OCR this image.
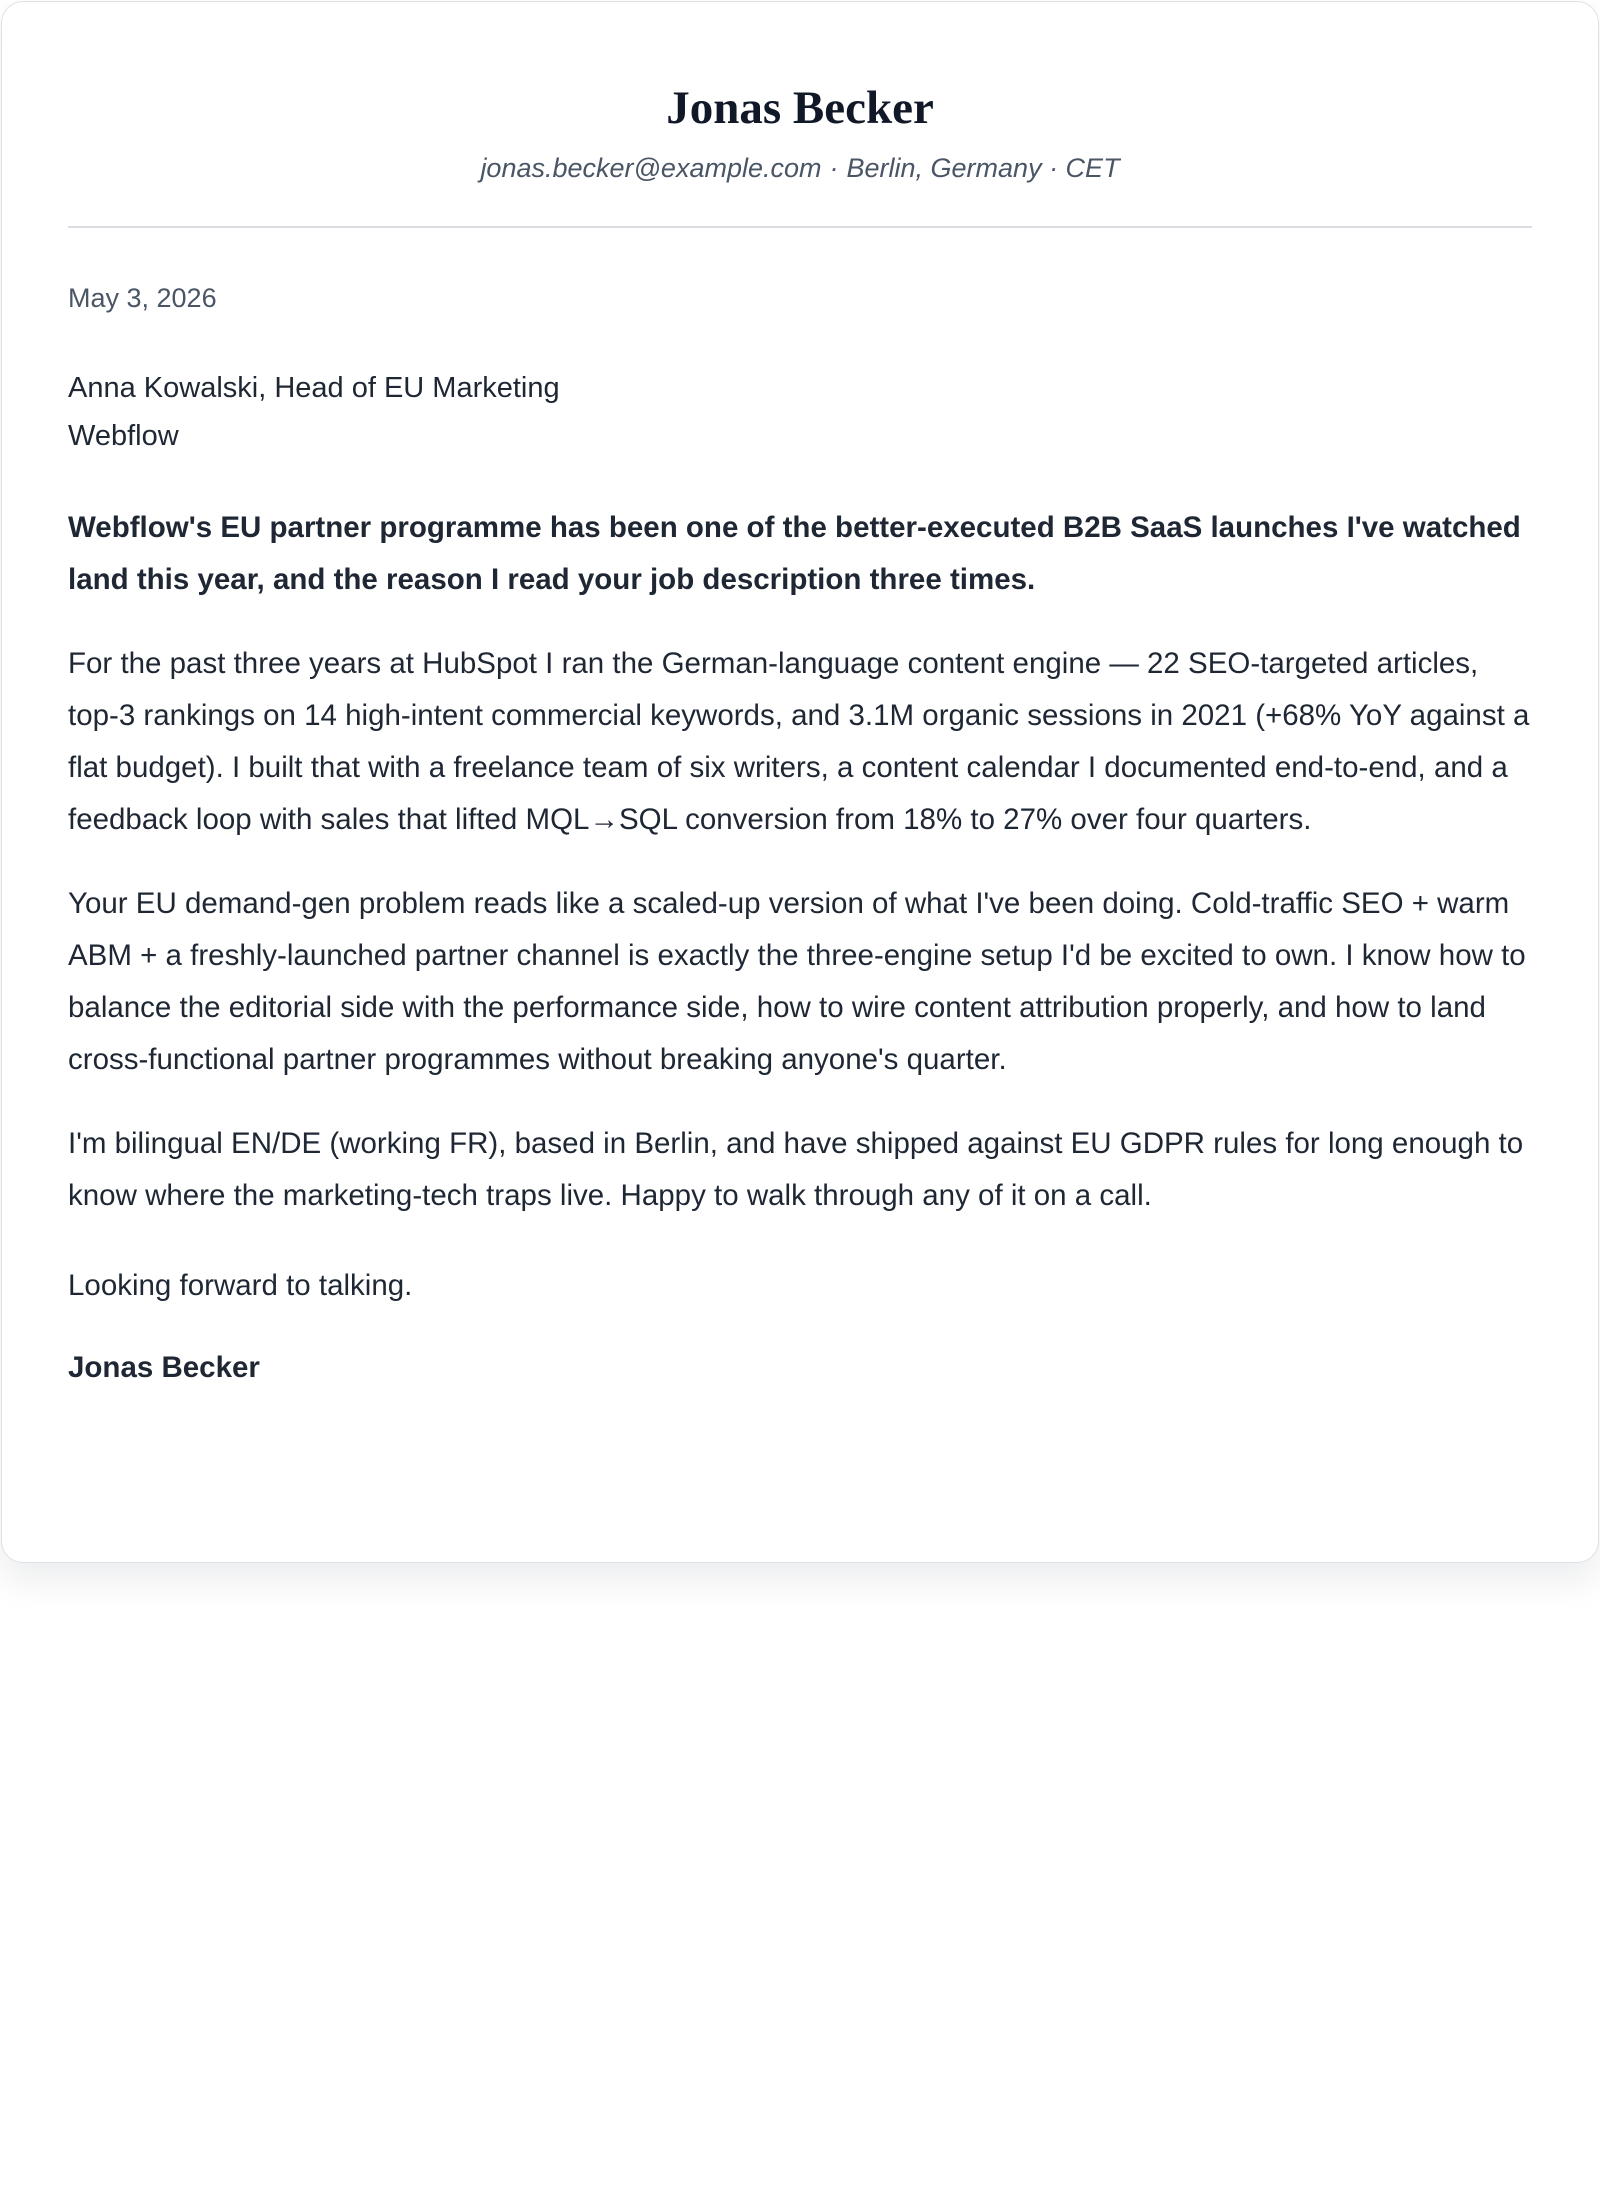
Jonas Becker
jonas.becker@example.com · Berlin, Germany · CET
May 3, 2026
Anna Kowalski, Head of EU Marketing
Webflow
Webflow's EU partner programme has been one of the better-executed B2B SaaS launches I've watched land this year, and the reason I read your job description three times.
For the past three years at HubSpot I ran the German-language content engine — 22 SEO-targeted articles, top-3 rankings on 14 high-intent commercial keywords, and 3.1M organic sessions in 2021 (+68% YoY against a flat budget). I built that with a freelance team of six writers, a content calendar I documented end-to-end, and a feedback loop with sales that lifted MQL→SQL conversion from 18% to 27% over four quarters.
Your EU demand-gen problem reads like a scaled-up version of what I've been doing. Cold-traffic SEO + warm ABM + a freshly-launched partner channel is exactly the three-engine setup I'd be excited to own. I know how to balance the editorial side with the performance side, how to wire content attribution properly, and how to land cross-functional partner programmes without breaking anyone's quarter.
I'm bilingual EN/DE (working FR), based in Berlin, and have shipped against EU GDPR rules for long enough to know where the marketing-tech traps live. Happy to walk through any of it on a call.
Looking forward to talking.
Jonas Becker
